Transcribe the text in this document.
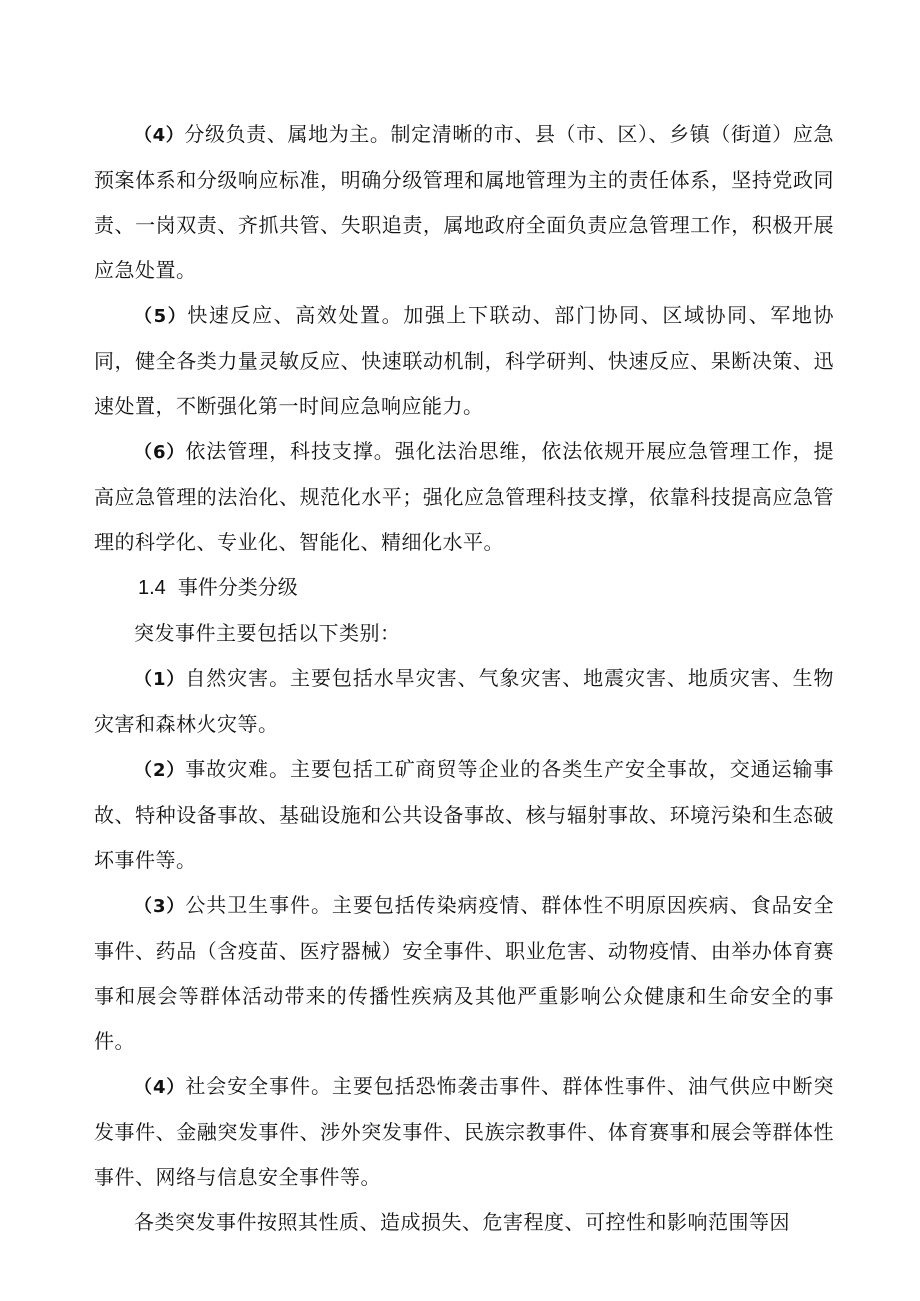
（4）分级负责、属地为主。制定清晰的市、县（市、区）、乡镇（街道）应急预案体系和分级响应标准，明确分级管理和属地管理为主的责任体系，坚持党政同责、一岗双责、齐抓共管、失职追责，属地政府全面负责应急管理工作，积极开展应急处置。

（5）快速反应、高效处置。加强上下联动、部门协同、区域协同、军地协同，健全各类力量灵敏反应、快速联动机制，科学研判、快速反应、果断决策、迅速处置，不断强化第一时间应急响应能力。

（6）依法管理，科技支撑。强化法治思维，依法依规开展应急管理工作，提高应急管理的法治化、规范化水平；强化应急管理科技支撑，依靠科技提高应急管理的科学化、专业化、智能化、精细化水平。

1.4 事件分类分级

突发事件主要包括以下类别：

（1）自然灾害。主要包括水旱灾害、气象灾害、地震灾害、地质灾害、生物灾害和森林火灾等。

（2）事故灾难。主要包括工矿商贸等企业的各类生产安全事故，交通运输事故、特种设备事故、基础设施和公共设备事故、核与辐射事故、环境污染和生态破坏事件等。

（3）公共卫生事件。主要包括传染病疫情、群体性不明原因疾病、食品安全事件、药品（含疫苗、医疗器械）安全事件、职业危害、动物疫情、由举办体育赛事和展会等群体活动带来的传播性疾病及其他严重影响公众健康和生命安全的事件。

（4）社会安全事件。主要包括恐怖袭击事件、群体性事件、油气供应中断突发事件、金融突发事件、涉外突发事件、民族宗教事件、体育赛事和展会等群体性事件、网络与信息安全事件等。

各类突发事件按照其性质、造成损失、危害程度、可控性和影响范围等因
